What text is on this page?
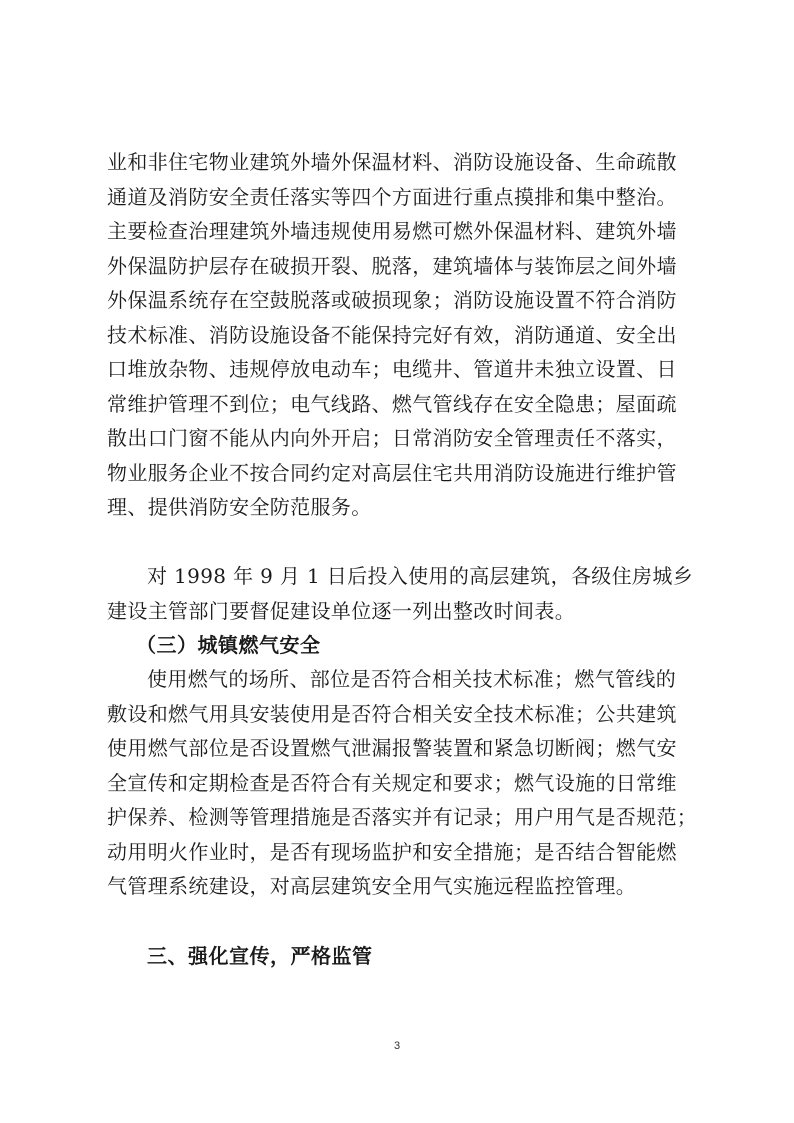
业和非住宅物业建筑外墙外保温材料、消防设施设备、生命疏散
通道及消防安全责任落实等四个方面进行重点摸排和集中整治。
主要检查治理建筑外墙违规使用易燃可燃外保温材料、建筑外墙
外保温防护层存在破损开裂、脱落，建筑墙体与装饰层之间外墙
外保温系统存在空鼓脱落或破损现象；消防设施设置不符合消防
技术标准、消防设施设备不能保持完好有效，消防通道、安全出
口堆放杂物、违规停放电动车；电缆井、管道井未独立设置、日
常维护管理不到位；电气线路、燃气管线存在安全隐患；屋面疏
散出口门窗不能从内向外开启；日常消防安全管理责任不落实，
物业服务企业不按合同约定对高层住宅共用消防设施进行维护管
理、提供消防安全防范服务。
对 1998 年 9 月 1 日后投入使用的高层建筑，各级住房城乡
建设主管部门要督促建设单位逐一列出整改时间表。
（三）城镇燃气安全
使用燃气的场所、部位是否符合相关技术标准；燃气管线的
敷设和燃气用具安装使用是否符合相关安全技术标准；公共建筑
使用燃气部位是否设置燃气泄漏报警装置和紧急切断阀；燃气安
全宣传和定期检查是否符合有关规定和要求；燃气设施的日常维
护保养、检测等管理措施是否落实并有记录；用户用气是否规范；
动用明火作业时，是否有现场监护和安全措施；是否结合智能燃
气管理系统建设，对高层建筑安全用气实施远程监控管理。
三、强化宣传，严格监管
3
